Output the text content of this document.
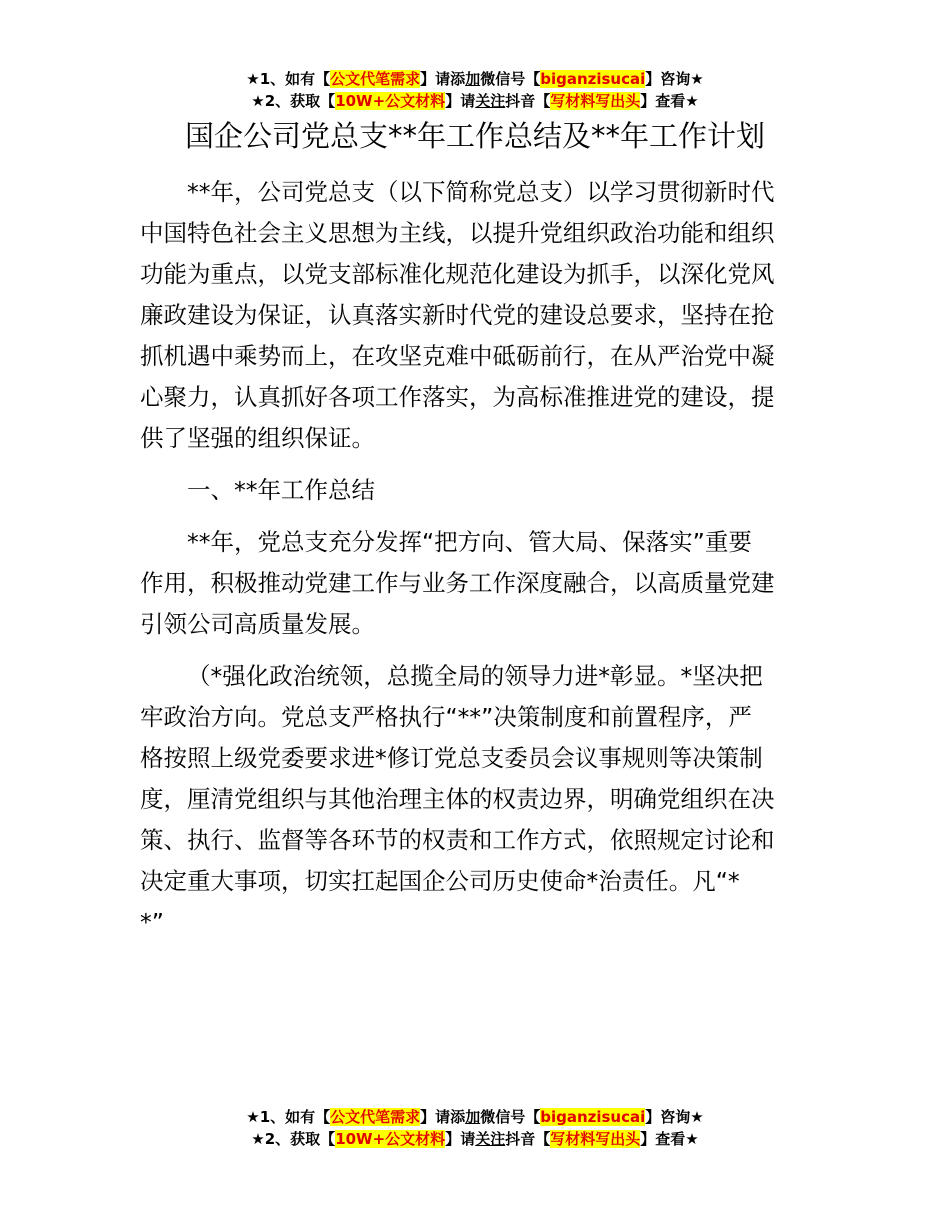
★1、如有【公文代笔需求】请添加微信号【biganzisucai】咨询★
★2、获取【10W+公文材料】请关注抖音【写材料写出头】查看★
国企公司党总支**年工作总结及**年工作计划
**年，公司党总支（以下简称党总支）以学习贯彻新时代
中国特色社会主义思想为主线，以提升党组织政治功能和组织
功能为重点，以党支部标准化规范化建设为抓手，以深化党风
廉政建设为保证，认真落实新时代党的建设总要求，坚持在抢
抓机遇中乘势而上，在攻坚克难中砥砺前行，在从严治党中凝
心聚力，认真抓好各项工作落实，为高标准推进党的建设，提
供了坚强的组织保证。
一、**年工作总结
**年，党总支充分发挥“把方向、管大局、保落实”重要
作用，积极推动党建工作与业务工作深度融合，以高质量党建
引领公司高质量发展。
（*强化政治统领，总揽全局的领导力进*彰显。*坚决把
牢政治方向。党总支严格执行“**”决策制度和前置程序，严
格按照上级党委要求进*修订党总支委员会议事规则等决策制
度，厘清党组织与其他治理主体的权责边界，明确党组织在决
策、执行、监督等各环节的权责和工作方式，依照规定讨论和
决定重大事项，切实扛起国企公司历史使命*治责任。凡“*
*”
★1、如有【公文代笔需求】请添加微信号【biganzisucai】咨询★
★2、获取【10W+公文材料】请关注抖音【写材料写出头】查看★
